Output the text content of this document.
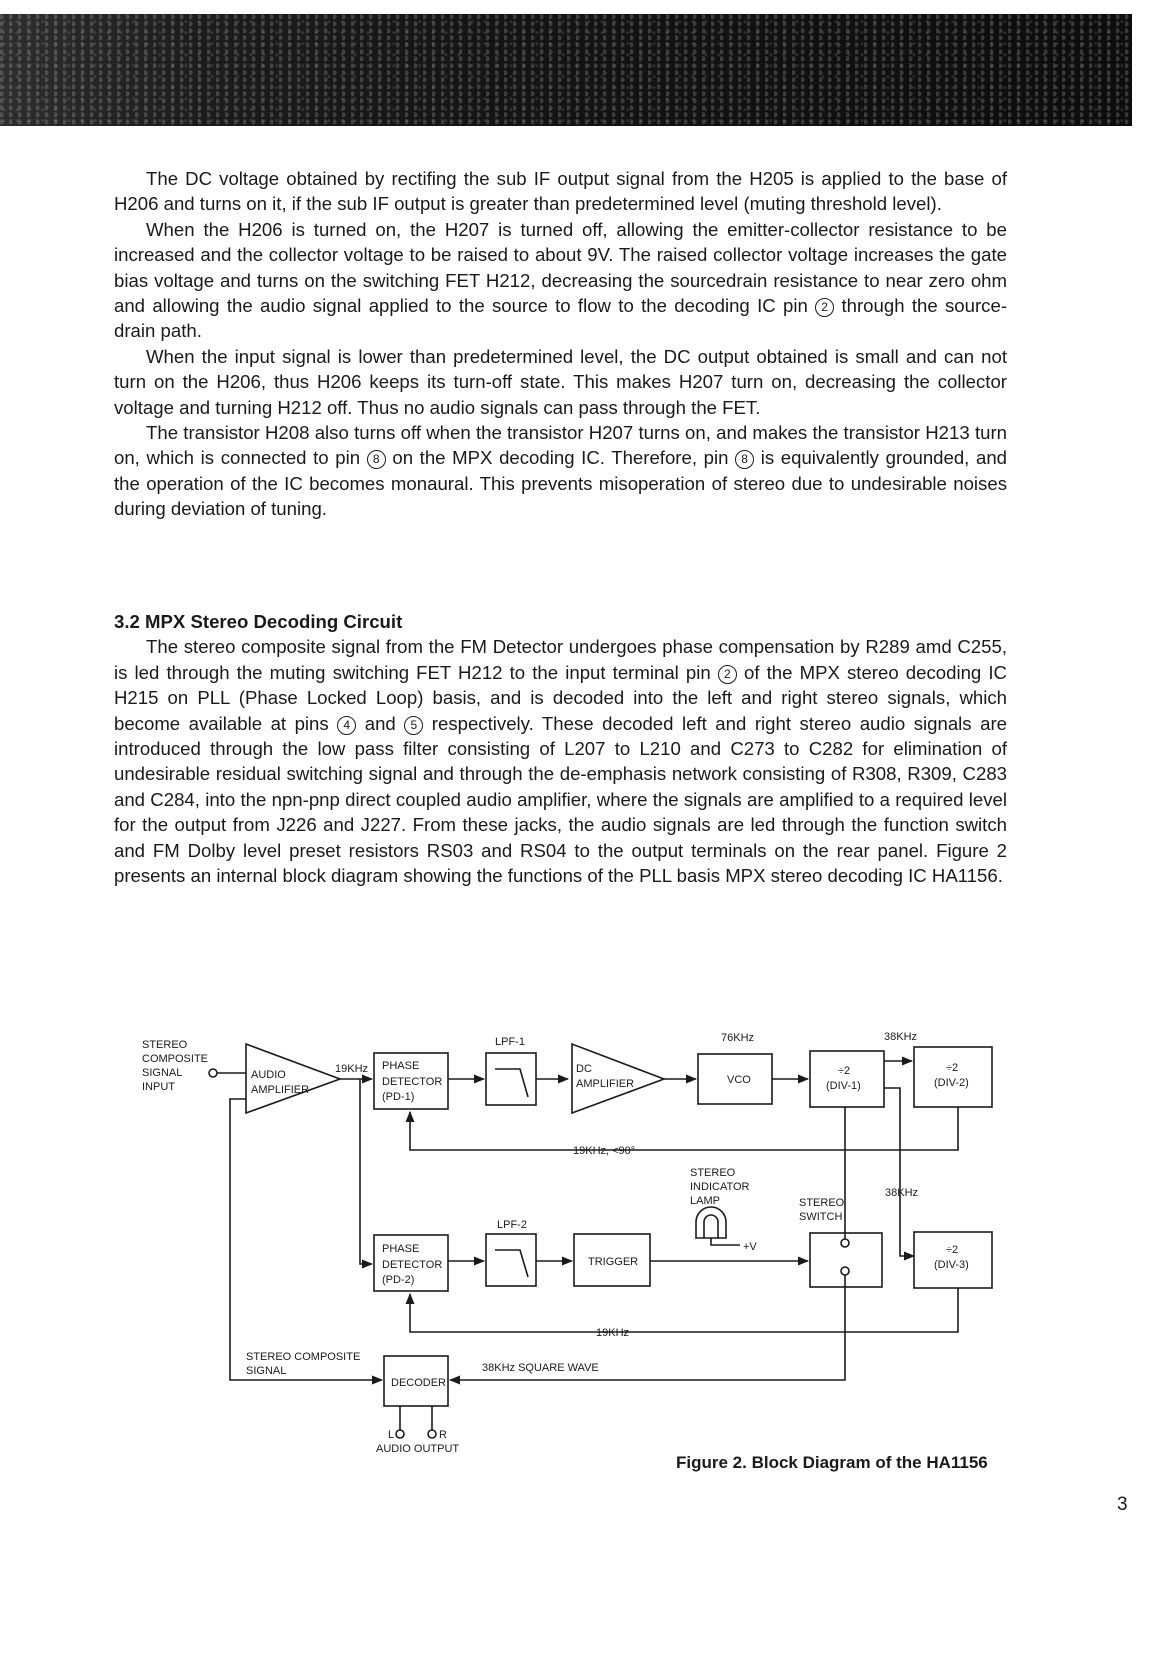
The DC voltage obtained by rectifing the sub IF output signal from the H205 is applied to the base of H206 and turns on it, if the sub IF output is greater than predetermined level (muting threshold level).

When the H206 is turned on, the H207 is turned off, allowing the emitter-collector resistance to be increased and the collector voltage to be raised to about 9V. The raised collector voltage increases the gate bias voltage and turns on the switching FET H212, decreasing the sourcedrain resistance to near zero ohm and allowing the audio signal applied to the source to flow to the decoding IC pin 2 through the source-drain path.

When the input signal is lower than predetermined level, the DC output obtained is small and can not turn on the H206, thus H206 keeps its turn-off state. This makes H207 turn on, decreasing the collector voltage and turning H212 off. Thus no audio signals can pass through the FET.

The transistor H208 also turns off when the transistor H207 turns on, and makes the transistor H213 turn on, which is connected to pin 8 on the MPX decoding IC. Therefore, pin 8 is equivalently grounded, and the operation of the IC becomes monaural. This prevents misoperation of stereo due to undesirable noises during deviation of tuning.

3.2 MPX Stereo Decoding Circuit

The stereo composite signal from the FM Detector undergoes phase compensation by R289 amd C255, is led through the muting switching FET H212 to the input terminal pin 2 of the MPX stereo decoding IC H215 on PLL (Phase Locked Loop) basis, and is decoded into the left and right stereo signals, which become available at pins 4 and 5 respectively. These decoded left and right stereo audio signals are introduced through the low pass filter consisting of L207 to L210 and C273 to C282 for elimination of undesirable residual switching signal and through the de-emphasis network consisting of R308, R309, C283 and C284, into the npn-pnp direct coupled audio amplifier, where the signals are amplified to a required level for the output from J226 and J227. From these jacks, the audio signals are led through the function switch and FM Dolby level preset resistors RS03 and RS04 to the output terminals on the rear panel. Figure 2 presents an internal block diagram showing the functions of the PLL basis MPX stereo decoding IC HA1156.

STEREO
COMPOSITE
SIGNAL
INPUT
AUDIO
AMPLIFIER
19KHz PHASE
DETECTOR
(PD-1)
LPF-1
DC
AMPLIFIER
76KHz
VCO
38KHz
÷2
(DIV-1)
÷2
(DIV-2)
19KHz, <90°
STEREO
INDICATOR
LAMP
+V
STEREO
SWITCH
38KHz
÷2
(DIV-3)
LPF-2
PHASE
DETECTOR
(PD-2)
TRIGGER
19KHz
STEREO COMPOSITE
SIGNAL	38KHz SQUARE WAVE
DECODER
L	R
AUDIO OUTPUT
Figure 2. Block Diagram of the HA1156
3
